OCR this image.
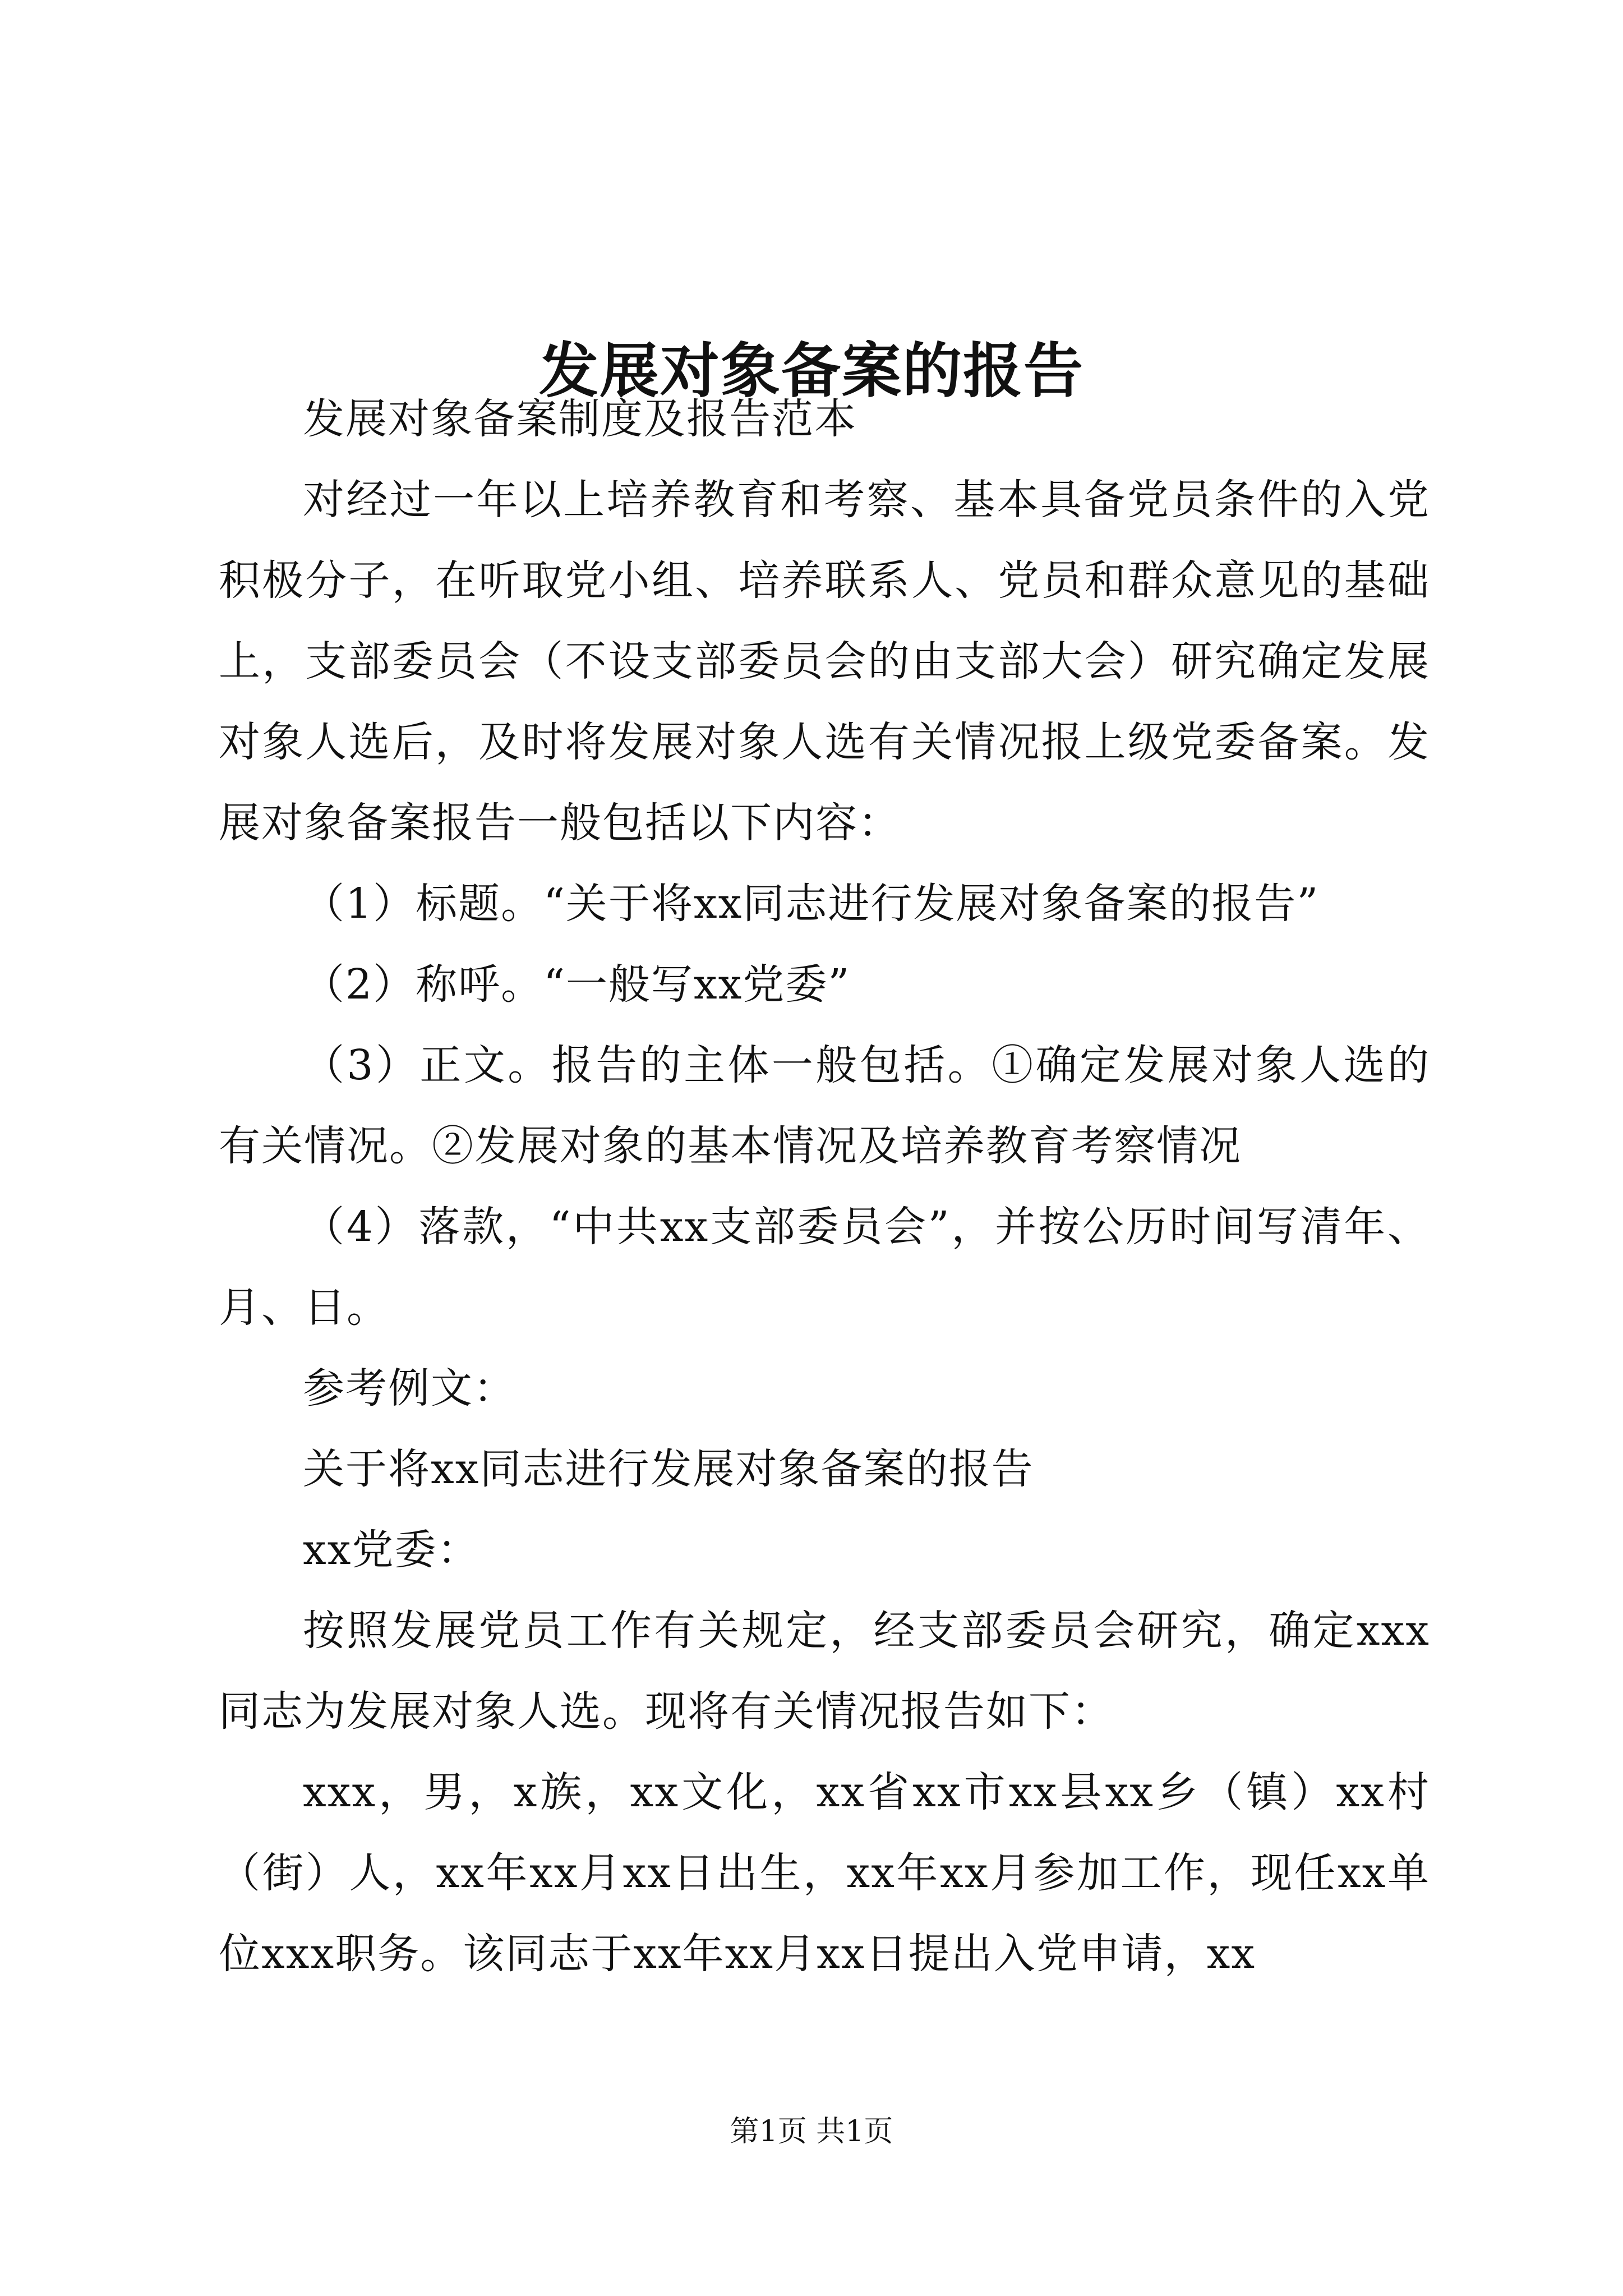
发展对象备案的报告

发展对象备案制度及报告范本

对经过一年以上培养教育和考察、基本具备党员条件的入党积极分子，在听取党小组、培养联系人、党员和群众意见的基础上，支部委员会（不设支部委员会的由支部大会）研究确定发展对象人选后，及时将发展对象人选有关情况报上级党委备案。发展对象备案报告一般包括以下内容：

（1）标题。“关于将xx同志进行发展对象备案的报告”

（2）称呼。“一般写xx党委”

（3）正文。报告的主体一般包括。①确定发展对象人选的有关情况。②发展对象的基本情况及培养教育考察情况

（4）落款，“中共xx支部委员会”，并按公历时间写清年、月、日。

参考例文：

关于将xx同志进行发展对象备案的报告

xx党委：

按照发展党员工作有关规定，经支部委员会研究，确定xxx同志为发展对象人选。现将有关情况报告如下：

xxx，男，x族，xx文化，xx省xx市xx县xx乡（镇）xx村（街）人，xx年xx月xx日出生，xx年xx月参加工作，现任xx单位xxx职务。该同志于xx年xx月xx日提出入党申请，xx

第1页 共1页
